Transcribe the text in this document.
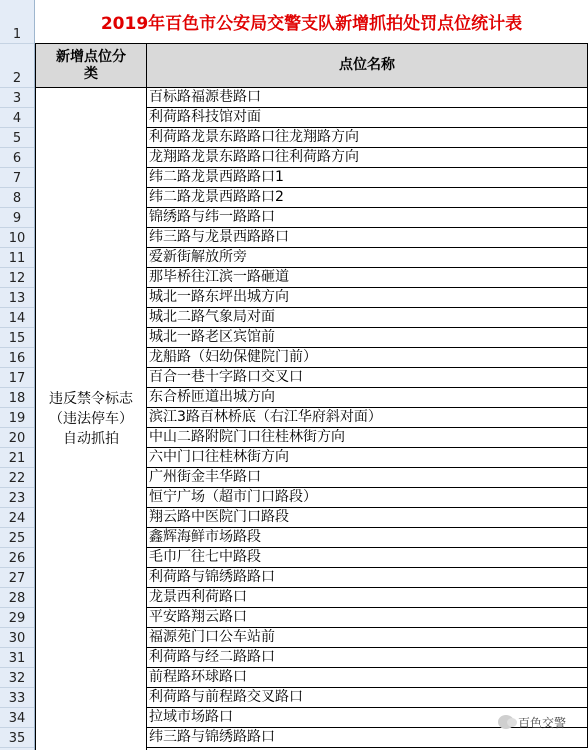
1
2
3
4
5
6
7
8
9
10
11
12
13
14
15
16
17
18
19
20
21
22
23
24
25
26
27
28
29
30
31
32
33
34
35
2019年百色市公安局交警支队新增抓拍处罚点位统计表
新增点位分类
点位名称
违反禁令标志（违法停车）自动抓拍
百标路福源巷路口
利荷路科技馆对面
利荷路龙景东路路口往龙翔路方向
龙翔路龙景东路路口往利荷路方向
纬二路龙景西路路口1
纬二路龙景西路路口2
锦绣路与纬一路路口
纬三路与龙景西路路口
爱新街解放所旁
那毕桥往江滨一路砸道
城北一路东坪出城方向
城北二路气象局对面
城北一路老区宾馆前
龙船路（妇幼保健院门前）
百合一巷十字路口交叉口
东合桥匝道出城方向
滨江3路百林桥底（右江华府斜对面）
中山二路附院门口往桂林街方向
六中门口往桂林街方向
广州街金丰华路口
恒宁广场（超市门口路段）
翔云路中医院门口路段
鑫辉海鲜市场路段
毛巾厂往七中路段
利荷路与锦绣路路口
龙景西利荷路口
平安路翔云路口
福源苑门口公车站前
利荷路与经二路路口
前程路环球路口
利荷路与前程路交叉路口
拉域市场路口
纬三路与锦绣路路口
百色交警
